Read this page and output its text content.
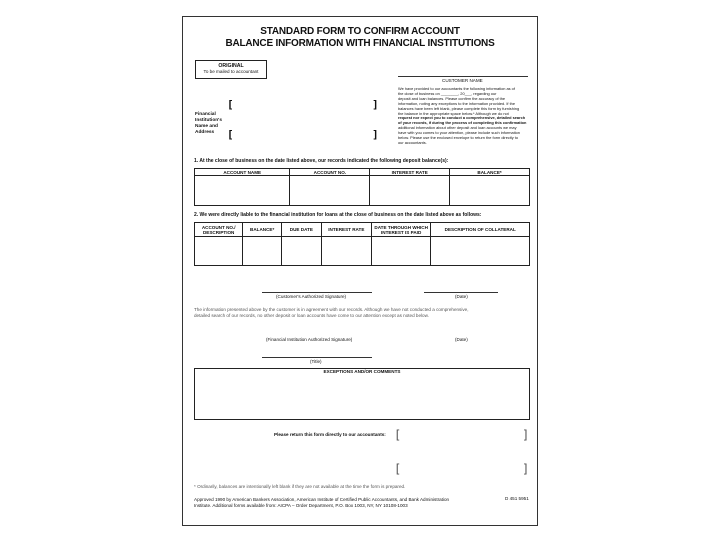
STANDARD FORM TO CONFIRM ACCOUNT
BALANCE INFORMATION WITH FINANCIAL INSTITUTIONS
ORIGINAL
To be mailed to accountant
CUSTOMER NAME
We have provided to our accountants the following information as of
the close of business on ________, 20___, regarding our
deposit and loan balances. Please confirm the accuracy of the
information, noting any exceptions to the information provided. If the
balances have been left blank, please complete this form by furnishing
the balance in the appropriate space below.* Although we do not
request nor expect you to conduct a comprehensive, detailed search
of your records, if during the process of completing this confirmation
additional information about other deposit and loan accounts we may
have with you comes to your attention, please include such information
below. Please use the enclosed envelope to return the form directly to
our accountants.
Financial
Institution's
Name and
Address
[	]
[	]
1. At the close of business on the date listed above, our records indicated the following deposit balance(s):
ACCOUNT NAME	ACCOUNT NO.	INTEREST RATE	BALANCE*

2. We were directly liable to the financial institution for loans at the close of business on the date listed above as follows:
ACCOUNT NO./
DESCRIPTION	BALANCE*	DUE DATE	INTEREST RATE	DATE THROUGH WHICH
INTEREST IS PAID	DESCRIPTION OF COLLATERAL

(Customer's Authorized Signature)	(Date)
The information presented above by the customer is in agreement with our records. Although we have not conducted a comprehensive,
detailed search of our records, no other deposit or loan accounts have come to our attention except as noted below.
(Financial Institution Authorized Signature)	(Date)
(Title)
EXCEPTIONS AND/OR COMMENTS
Please return this form directly to our accountants: [	]
[	]
* Ordinarily, balances are intentionally left blank if they are not available at the time the form is prepared.
Approved 1990 by American Bankers Association, American Institute of Certified Public Accountants, and Bank Administration
Institute. Additional forms available from: AICPA – Order Department, P.O. Box 1003, NY, NY 10108-1003
D 451 5951
